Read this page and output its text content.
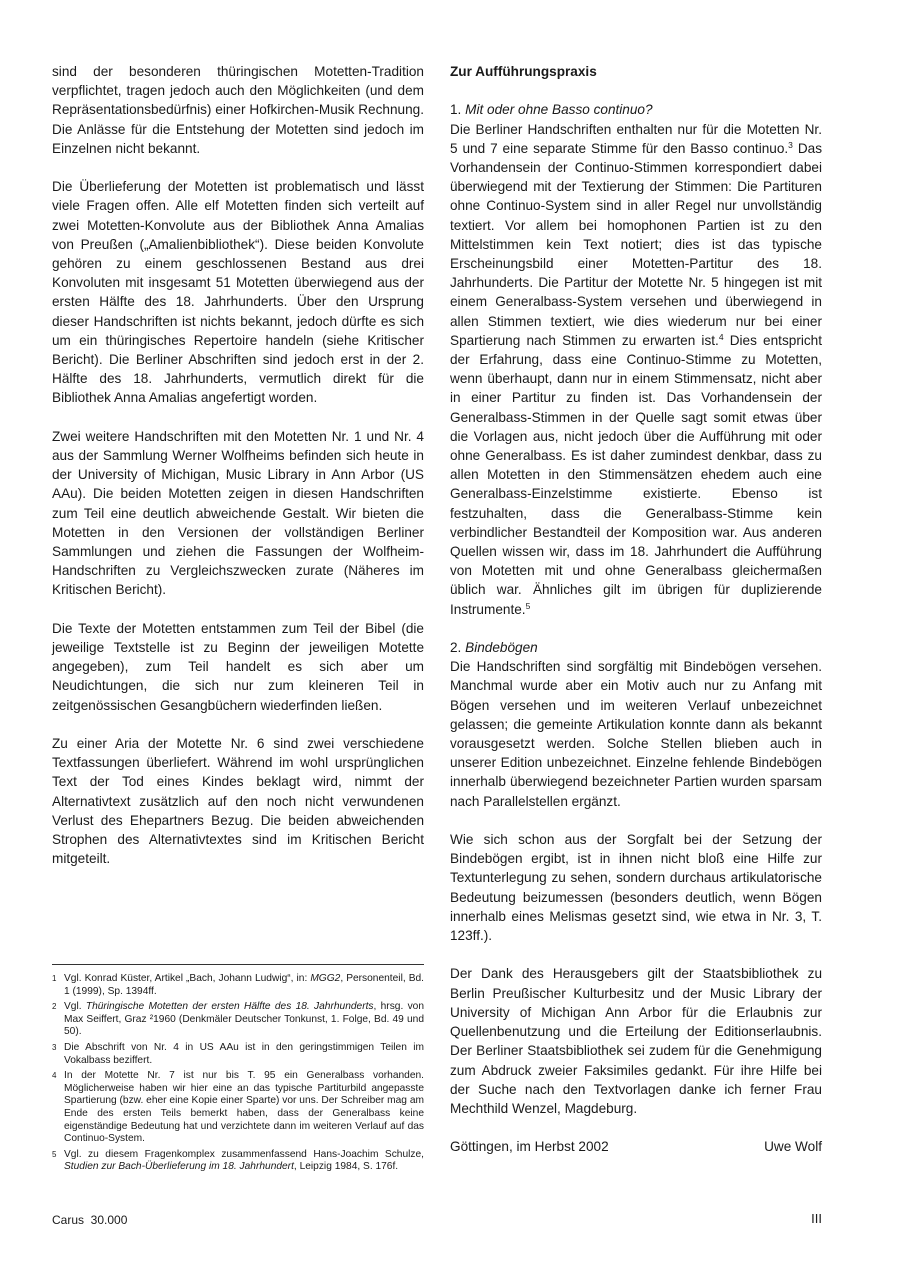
sind der besonderen thüringischen Motetten-Tradition verpflichtet, tragen jedoch auch den Möglichkeiten (und dem Repräsentationsbedürfnis) einer Hofkirchen-Musik Rechnung. Die Anlässe für die Entstehung der Motetten sind jedoch im Einzelnen nicht bekannt.

Die Überlieferung der Motetten ist problematisch und lässt viele Fragen offen. Alle elf Motetten finden sich verteilt auf zwei Motetten-Konvolute aus der Bibliothek Anna Amalias von Preußen („Amalienbibliothek“). Diese beiden Konvolute gehören zu einem geschlossenen Bestand aus drei Konvoluten mit insgesamt 51 Motetten überwiegend aus der ersten Hälfte des 18. Jahrhunderts. Über den Ursprung dieser Handschriften ist nichts bekannt, jedoch dürfte es sich um ein thüringisches Repertoire handeln (siehe Kritischer Bericht). Die Berliner Abschriften sind jedoch erst in der 2. Hälfte des 18. Jahrhunderts, vermutlich direkt für die Bibliothek Anna Amalias angefertigt worden.

Zwei weitere Handschriften mit den Motetten Nr. 1 und Nr. 4 aus der Sammlung Werner Wolfheims befinden sich heute in der University of Michigan, Music Library in Ann Arbor (US AAu). Die beiden Motetten zeigen in diesen Handschriften zum Teil eine deutlich abweichende Gestalt. Wir bieten die Motetten in den Versionen der vollständigen Berliner Sammlungen und ziehen die Fassungen der Wolfheim-Handschriften zu Vergleichszwecken zurate (Näheres im Kritischen Bericht).

Die Texte der Motetten entstammen zum Teil der Bibel (die jeweilige Textstelle ist zu Beginn der jeweiligen Motette angegeben), zum Teil handelt es sich aber um Neudichtungen, die sich nur zum kleineren Teil in zeitgenössischen Gesangbüchern wiederfinden ließen.

Zu einer Aria der Motette Nr. 6 sind zwei verschiedene Textfassungen überliefert. Während im wohl ursprünglichen Text der Tod eines Kindes beklagt wird, nimmt der Alternativtext zusätzlich auf den noch nicht verwundenen Verlust des Ehepartners Bezug. Die beiden abweichenden Strophen des Alternativtextes sind im Kritischen Bericht mitgeteilt.

Zur Aufführungspraxis
1. Mit oder ohne Basso continuo?

Die Berliner Handschriften enthalten nur für die Motetten Nr. 5 und 7 eine separate Stimme für den Basso continuo.$^3$ Das Vorhandensein der Continuo-Stimmen korrespondiert dabei überwiegend mit der Textierung der Stimmen: Die Partituren ohne Continuo-System sind in aller Regel nur unvollständig textiert. Vor allem bei homophonen Partien ist zu den Mittelstimmen kein Text notiert; dies ist das typische Erscheinungsbild einer Motetten-Partitur des 18. Jahrhunderts. Die Partitur der Motette Nr. 5 hingegen ist mit einem Generalbass-System versehen und überwiegend in allen Stimmen textiert, wie dies wiederum nur bei einer Spartierung nach Stimmen zu erwarten ist.$^4$ Dies entspricht der Erfahrung, dass eine Continuo-Stimme zu Motetten, wenn überhaupt, dann nur in einem Stimmensatz, nicht aber in einer Partitur zu finden ist. Das Vorhandensein der Generalbass-Stimmen in der Quelle sagt somit etwas über die Vorlagen aus, nicht jedoch über die Aufführung mit oder ohne Generalbass. Es ist daher zumindest denkbar, dass zu allen Motetten in den Stimmensätzen ehedem auch eine Generalbass-Einzelstimme existierte. Ebenso ist festzuhalten, dass die Generalbass-Stimme kein verbindlicher Bestandteil der Komposition war. Aus anderen Quellen wissen wir, dass im 18. Jahrhundert die Aufführung von Motetten mit und ohne Generalbass gleichermaßen üblich war. Ähnliches gilt im übrigen für duplizierende Instrumente.$^5$

2. Bindebögen

Die Handschriften sind sorgfältig mit Bindebögen versehen. Manchmal wurde aber ein Motiv auch nur zu Anfang mit Bögen versehen und im weiteren Verlauf unbezeichnet gelassen; die gemeinte Artikulation konnte dann als bekannt vorausgesetzt werden. Solche Stellen blieben auch in unserer Edition unbezeichnet. Einzelne fehlende Bindebögen innerhalb überwiegend bezeichneter Partien wurden sparsam nach Parallelstellen ergänzt.

Wie sich schon aus der Sorgfalt bei der Setzung der Bindebögen ergibt, ist in ihnen nicht bloß eine Hilfe zur Textunterlegung zu sehen, sondern durchaus artikulatorische Bedeutung beizumessen (besonders deutlich, wenn Bögen innerhalb eines Melismas gesetzt sind, wie etwa in Nr. 3, T. 123ff.).

Der Dank des Herausgebers gilt der Staatsbibliothek zu Berlin Preußischer Kulturbesitz und der Music Library der University of Michigan Ann Arbor für die Erlaubnis zur Quellenbenutzung und die Erteilung der Editionserlaubnis. Der Berliner Staatsbibliothek sei zudem für die Genehmigung zum Abdruck zweier Faksimiles gedankt. Für ihre Hilfe bei der Suche nach den Textvorlagen danke ich ferner Frau Mechthild Wenzel, Magdeburg.

Göttingen, im Herbst 2002	Uwe Wolf
1 Vgl. Konrad Küster, Artikel „Bach, Johann Ludwig“, in: MGG2, Personenteil, Bd. 1 (1999), Sp. 1394ff.
2 Vgl. Thüringische Motetten der ersten Hälfte des 18. Jahrhunderts, hrsg. von Max Seiffert, Graz ²1960 (Denkmäler Deutscher Tonkunst, 1. Folge, Bd. 49 und 50).
3 Die Abschrift von Nr. 4 in US AAu ist in den geringstimmigen Teilen im Vokalbass beziffert.
4 In der Motette Nr. 7 ist nur bis T. 95 ein Generalbass vorhanden. Möglicherweise haben wir hier eine an das typische Partiturbild angepasste Spartierung (bzw. eher eine Kopie einer Sparte) vor uns. Der Schreiber mag am Ende des ersten Teils bemerkt haben, dass der Generalbass keine eigenständige Bedeutung hat und verzichtete dann im weiteren Verlauf auf das Continuo-System.
5 Vgl. zu diesem Fragenkomplex zusammenfassend Hans-Joachim Schulze, Studien zur Bach-Überlieferung im 18. Jahrhundert, Leipzig 1984, S. 176f.
Carus  30.000	III
